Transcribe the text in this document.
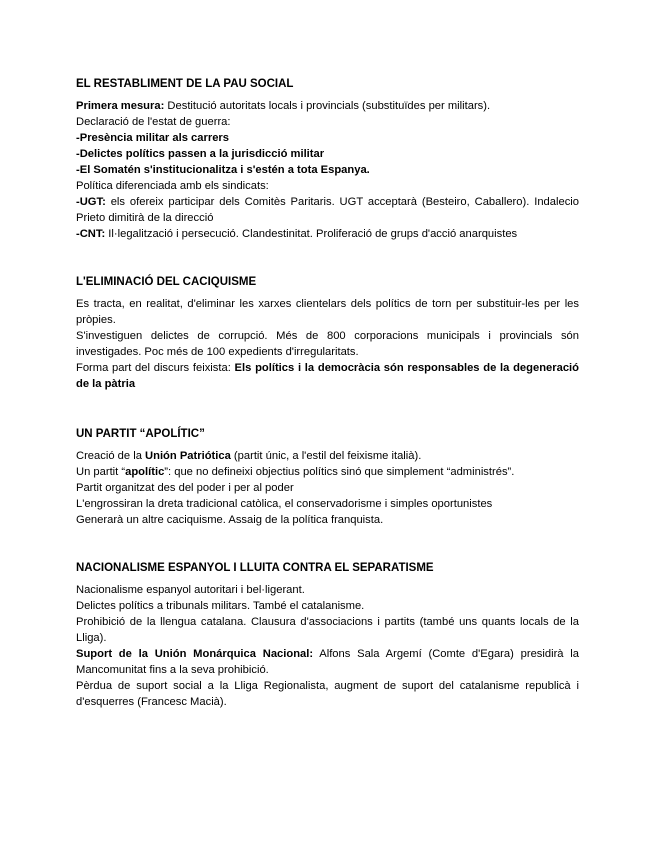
EL RESTABLIMENT DE LA PAU SOCIAL

Primera mesura: Destitució autoritats locals i provincials (substituïdes per militars).

Declaració de l'estat de guerra:

-Presència militar als carrers

-Delictes polítics passen a la jurisdicció militar

-El Somatén s'institucionalitza i s'estén a tota Espanya.

Política diferenciada amb els sindicats:

-UGT: els ofereix participar dels Comitès Paritaris. UGT acceptarà (Besteiro, Caballero). Indalecio Prieto dimitirà de la direcció

-CNT: Il·legalització i persecució. Clandestinitat. Proliferació de grups d'acció anarquistes

L'ELIMINACIÓ DEL CACIQUISME

Es tracta, en realitat, d'eliminar les xarxes clientelars dels polítics de torn per substituir-les per les pròpies.

S'investiguen delictes de corrupció. Més de 800 corporacions municipals i provincials són investigades. Poc més de 100 expedients d'irregularitats.

Forma part del discurs feixista: Els polítics i la democràcia són responsables de la degeneració de la pàtria

UN PARTIT “APOLÍTIC”

Creació de la Unión Patriótica (partit únic, a l'estil del feixisme italià).

Un partit “apolític”: que no defineixi objectius polítics sinó que simplement “administrés”.

Partit organitzat des del poder i per al poder

L'engrossiran la dreta tradicional catòlica, el conservadorisme i simples oportunistes

Generarà un altre caciquisme. Assaig de la política franquista.

NACIONALISME ESPANYOL I LLUITA CONTRA EL SEPARATISME

Nacionalisme espanyol autoritari i bel·ligerant.

Delictes polítics a tribunals militars. També el catalanisme.

Prohibició de la llengua catalana. Clausura d'associacions i partits (també uns quants locals de la Lliga).

Suport de la Unión Monárquica Nacional: Alfons Sala Argemí (Comte d'Egara) presidirà la Mancomunitat fins a la seva prohibició.

Pèrdua de suport social a la Lliga Regionalista, augment de suport del catalanisme republicà i d'esquerres (Francesc Macià).
